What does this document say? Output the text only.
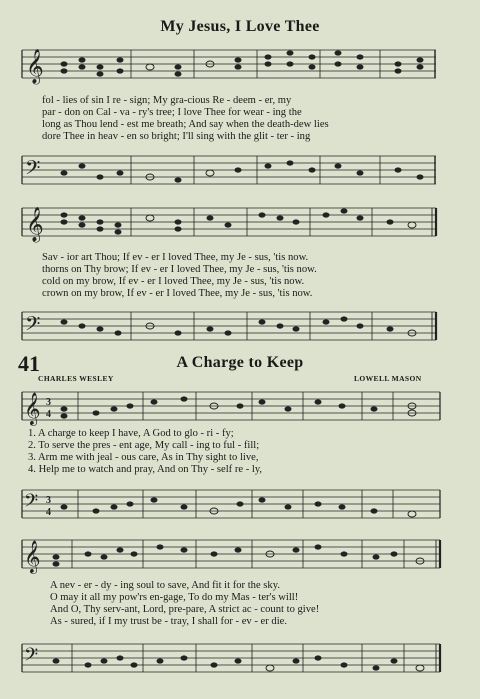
My Jesus, I Love Thee
𝄞
fol - lies of sin I re - sign; My gra-cious Re - deem - er, my
par - don on Cal - va - ry's tree; I love Thee for wear - ing the
long as Thou lend - est me breath; And say when the death-dew lies
dore Thee in heav - en so bright; I'll sing with the glit - ter - ing
𝄢
𝄞
Sav - ior art Thou; If ev - er I loved Thee, my Je - sus, 'tis now.
thorns on Thy brow; If ev - er I loved Thee, my Je - sus, 'tis now.
cold on my brow, If ev - er I loved Thee, my Je - sus, 'tis now.
crown on my brow, If ev - er I loved Thee, my Je - sus, 'tis now.
𝄢
41	A Charge to Keep
CHARLES WESLEY	LOWELL MASON
𝄞 3
4
1. A charge to keep I have, A God to glo - ri - fy;
2. To serve the pres - ent age, My call - ing to ful - fill;
3. Arm me with jeal - ous care, As in Thy sight to live,
4. Help me to watch and pray, And on Thy - self re - ly,
𝄢 3
4
𝄞
A nev - er - dy - ing soul to save, And fit it for the sky.
O may it all my pow'rs en-gage, To do my Mas - ter's will!
And O, Thy serv-ant, Lord, pre-pare, A strict ac - count to give!
As - sured, if I my trust be - tray, I shall for - ev - er die.
𝄢
